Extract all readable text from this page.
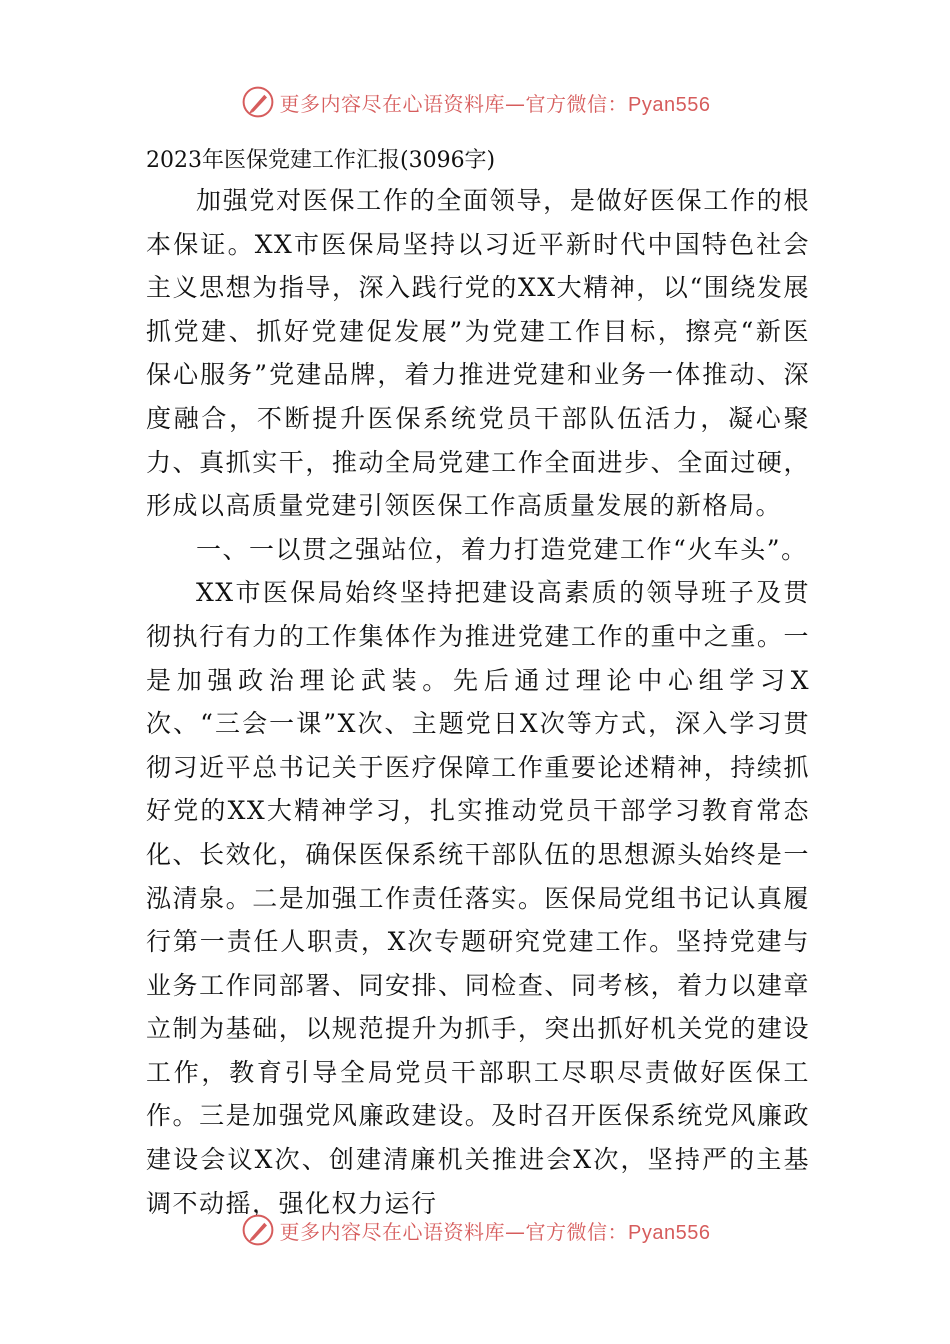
更多内容尽在心语资料库—官方微信：Pyan556
2023年医保党建工作汇报(3096字)

加强党对医保工作的全面领导，是做好医保工作的根本保证。XX市医保局坚持以习近平新时代中国特色社会主义思想为指导，深入践行党的XX大精神，以“围绕发展抓党建、抓好党建促发展”为党建工作目标，擦亮“新医保心服务”党建品牌，着力推进党建和业务一体推动、深度融合，不断提升医保系统党员干部队伍活力，凝心聚力、真抓实干，推动全局党建工作全面进步、全面过硬，形成以高质量党建引领医保工作高质量发展的新格局。

一、一以贯之强站位，着力打造党建工作“火车头”。

XX市医保局始终坚持把建设高素质的领导班子及贯彻执行有力的工作集体作为推进党建工作的重中之重。一是加强政治理论武装。先后通过理论中心组学习X次、“三会一课”X次、主题党日X次等方式，深入学习贯彻习近平总书记关于医疗保障工作重要论述精神，持续抓好党的XX大精神学习，扎实推动党员干部学习教育常态化、长效化，确保医保系统干部队伍的思想源头始终是一泓清泉。二是加强工作责任落实。医保局党组书记认真履行第一责任人职责，X次专题研究党建工作。坚持党建与业务工作同部署、同安排、同检查、同考核，着力以建章立制为基础，以规范提升为抓手，突出抓好机关党的建设工作，教育引导全局党员干部职工尽职尽责做好医保工作。三是加强党风廉政建设。及时召开医保系统党风廉政建设会议X次、创建清廉机关推进会X次，坚持严的主基调不动摇，强化权力运行

更多内容尽在心语资料库—官方微信：Pyan556
